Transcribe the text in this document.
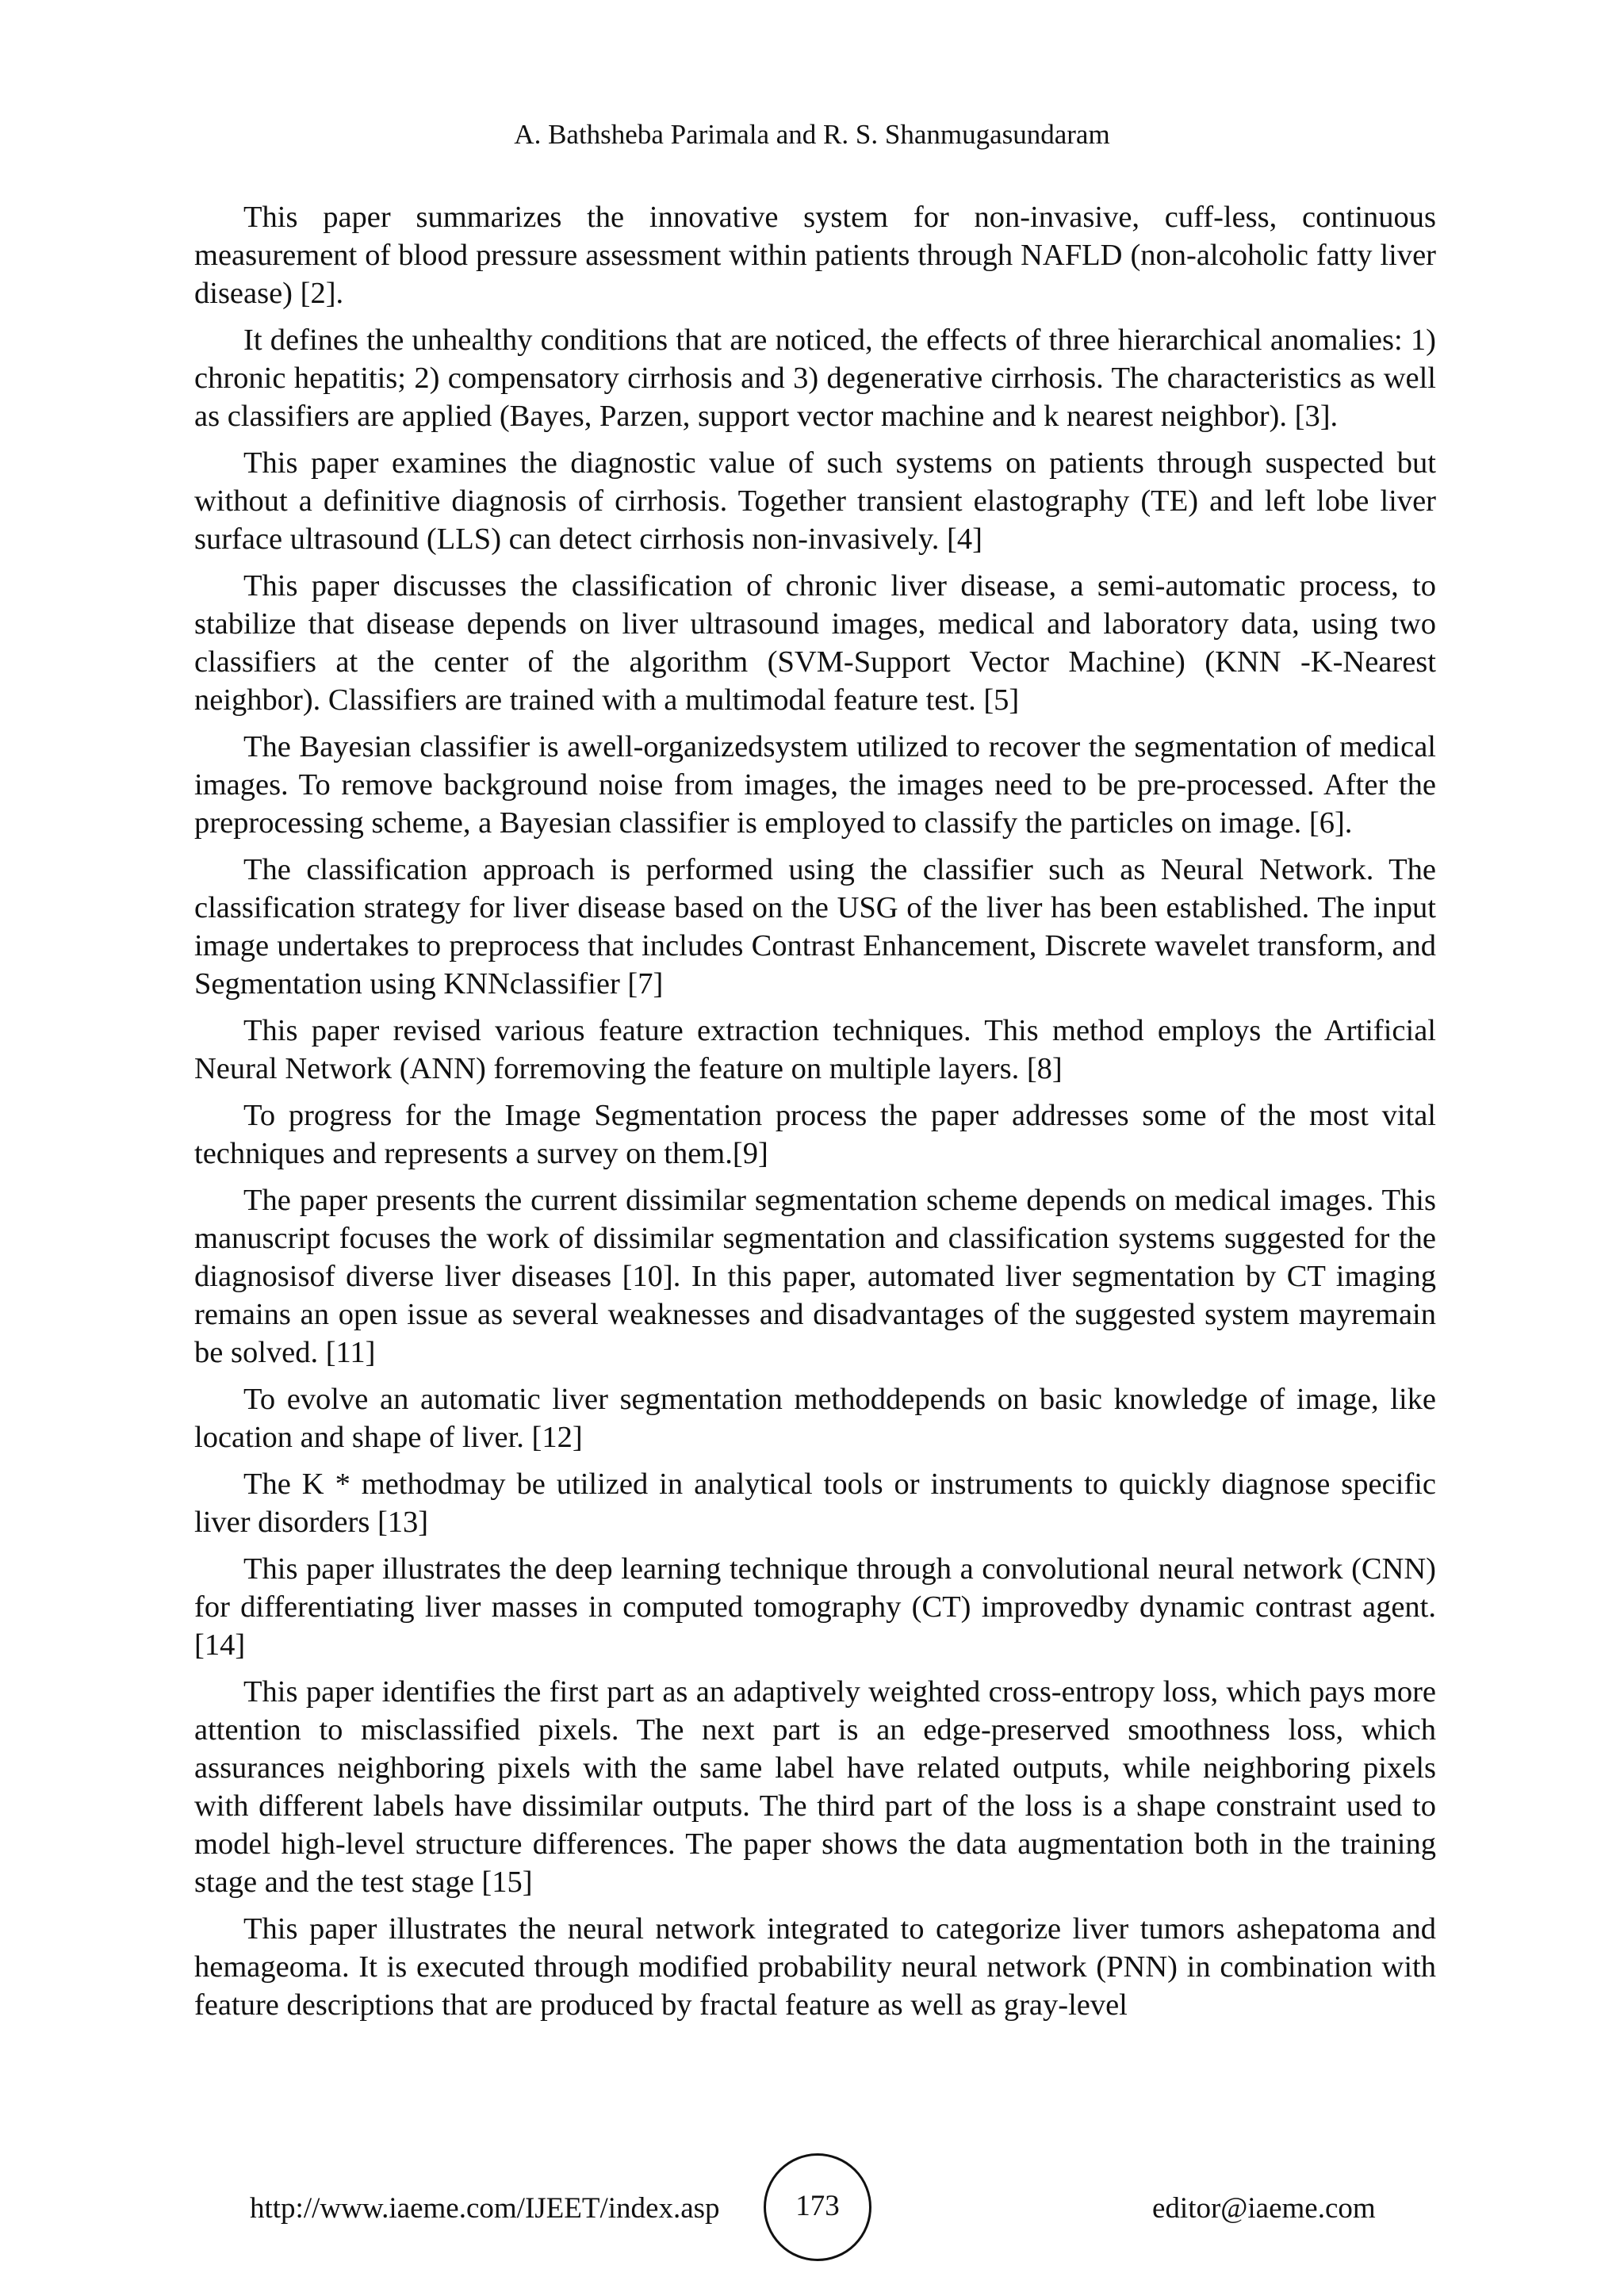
A. Bathsheba Parimala and R. S. Shanmugasundaram

This paper summarizes the innovative system for non-invasive, cuff-less, continuous measurement of blood pressure assessment within patients through NAFLD (non-alcoholic fatty liver disease) [2].

It defines the unhealthy conditions that are noticed, the effects of three hierarchical anomalies: 1) chronic hepatitis; 2) compensatory cirrhosis and 3) degenerative cirrhosis. The characteristics as well as classifiers are applied (Bayes, Parzen, support vector machine and k nearest neighbor). [3].

This paper examines the diagnostic value of such systems on patients through suspected but without a definitive diagnosis of cirrhosis. Together transient elastography (TE) and left lobe liver surface ultrasound (LLS) can detect cirrhosis non-invasively. [4]

This paper discusses the classification of chronic liver disease, a semi-automatic process, to stabilize that disease depends on liver ultrasound images, medical and laboratory data, using two classifiers at the center of the algorithm (SVM-Support Vector Machine) (KNN -K-Nearest neighbor). Classifiers are trained with a multimodal feature test. [5]

The Bayesian classifier is awell-organizedsystem utilized to recover the segmentation of medical images. To remove background noise from images, the images need to be pre-processed. After the preprocessing scheme, a Bayesian classifier is employed to classify the particles on image. [6].

The classification approach is performed using the classifier such as Neural Network. The classification strategy for liver disease based on the USG of the liver has been established. The input image undertakes to preprocess that includes Contrast Enhancement, Discrete wavelet transform, and Segmentation using KNNclassifier [7]

This paper revised various feature extraction techniques. This method employs the Artificial Neural Network (ANN) forremoving the feature on multiple layers. [8]

To progress for the Image Segmentation process the paper addresses some of the most vital techniques and represents a survey on them.[9]

The paper presents the current dissimilar segmentation scheme depends on medical images. This manuscript focuses the work of dissimilar segmentation and classification systems suggested for the diagnosisof diverse liver diseases [10]. In this paper, automated liver segmentation by CT imaging remains an open issue as several weaknesses and disadvantages of the suggested system mayremain be solved. [11]

To evolve an automatic liver segmentation methoddepends on basic knowledge of image, like location and shape of liver. [12]

The K * methodmay be utilized in analytical tools or instruments to quickly diagnose specific liver disorders [13]

This paper illustrates the deep learning technique through a convolutional neural network (CNN) for differentiating liver masses in computed tomography (CT) improvedby dynamic contrast agent. [14]

This paper identifies the first part as an adaptively weighted cross-entropy loss, which pays more attention to misclassified pixels. The next part is an edge-preserved smoothness loss, which assurances neighboring pixels with the same label have related outputs, while neighboring pixels with different labels have dissimilar outputs. The third part of the loss is a shape constraint used to model high-level structure differences. The paper shows the data augmentation both in the training stage and the test stage [15]

This paper illustrates the neural network integrated to categorize liver tumors ashepatoma and hemageoma. It is executed through modified probability neural network (PNN) in combination with feature descriptions that are produced by fractal feature as well as gray-level

http://www.iaeme.com/IJEET/index.asp	173	editor@iaeme.com
